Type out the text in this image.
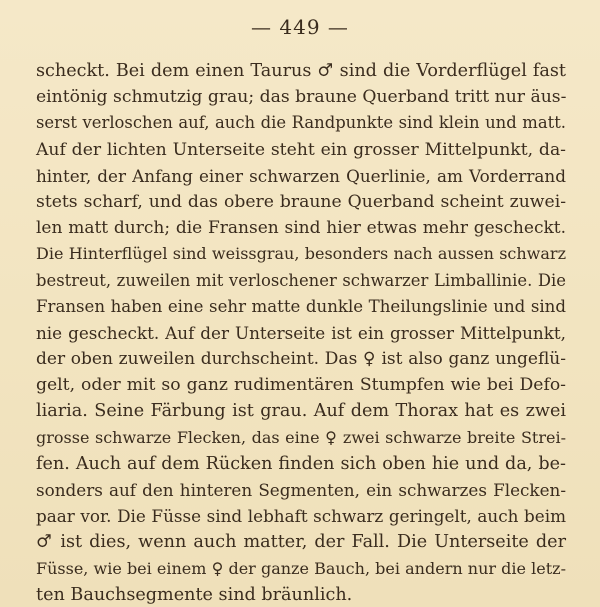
— 449 —
scheckt. Bei dem einen Taurus ♂ sind die Vorderflügel fast
eintönig schmutzig grau; das braune Querband tritt nur äus-
serst verloschen auf, auch die Randpunkte sind klein und matt.
Auf der lichten Unterseite steht ein grosser Mittelpunkt, da-
hinter, der Anfang einer schwarzen Querlinie, am Vorderrand
stets scharf, und das obere braune Querband scheint zuwei-
len matt durch; die Fransen sind hier etwas mehr gescheckt.
Die Hinterflügel sind weissgrau, besonders nach aussen schwarz
bestreut, zuweilen mit verloschener schwarzer Limballinie. Die
Fransen haben eine sehr matte dunkle Theilungslinie und sind
nie gescheckt. Auf der Unterseite ist ein grosser Mittelpunkt,
der oben zuweilen durchscheint. Das ♀ ist also ganz ungeflü-
gelt, oder mit so ganz rudimentären Stumpfen wie bei Defo-
liaria. Seine Färbung ist grau. Auf dem Thorax hat es zwei
grosse schwarze Flecken, das eine ♀ zwei schwarze breite Strei-
fen. Auch auf dem Rücken finden sich oben hie und da, be-
sonders auf den hinteren Segmenten, ein schwarzes Flecken-
paar vor. Die Füsse sind lebhaft schwarz geringelt, auch beim
♂ ist dies, wenn auch matter, der Fall. Die Unterseite der
Füsse, wie bei einem ♀ der ganze Bauch, bei andern nur die letz-
ten Bauchsegmente sind bräunlich.
